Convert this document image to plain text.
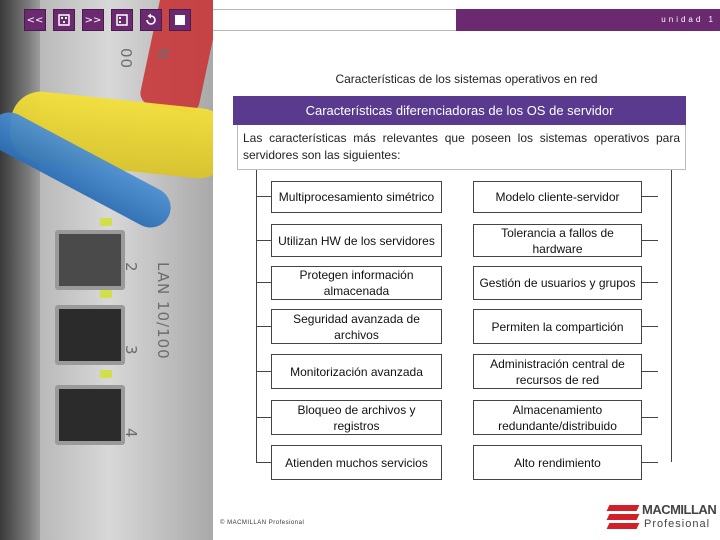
N
00
LAN 10/100
2
3
4
<<	>>	unidad 1
Características de los sistemas operativos en red
Características diferenciadoras de los OS de servidor
Las características más relevantes que poseen los sistemas operativos para servidores son las siguientes:
Multiprocesamiento simétrico
Utilizan HW de los servidores
Protegen información almacenada
Seguridad avanzada de archivos
Monitorización avanzada
Bloqueo de archivos y registros
Atienden muchos servicios
Modelo cliente-servidor
Tolerancia a fallos de hardware
Gestión de usuarios y grupos
Permiten la compartición
Administración central de recursos de red
Almacenamiento redundante/distribuido
Alto rendimiento
© MACMILLAN Profesional
MACMILLAN
Profesional
